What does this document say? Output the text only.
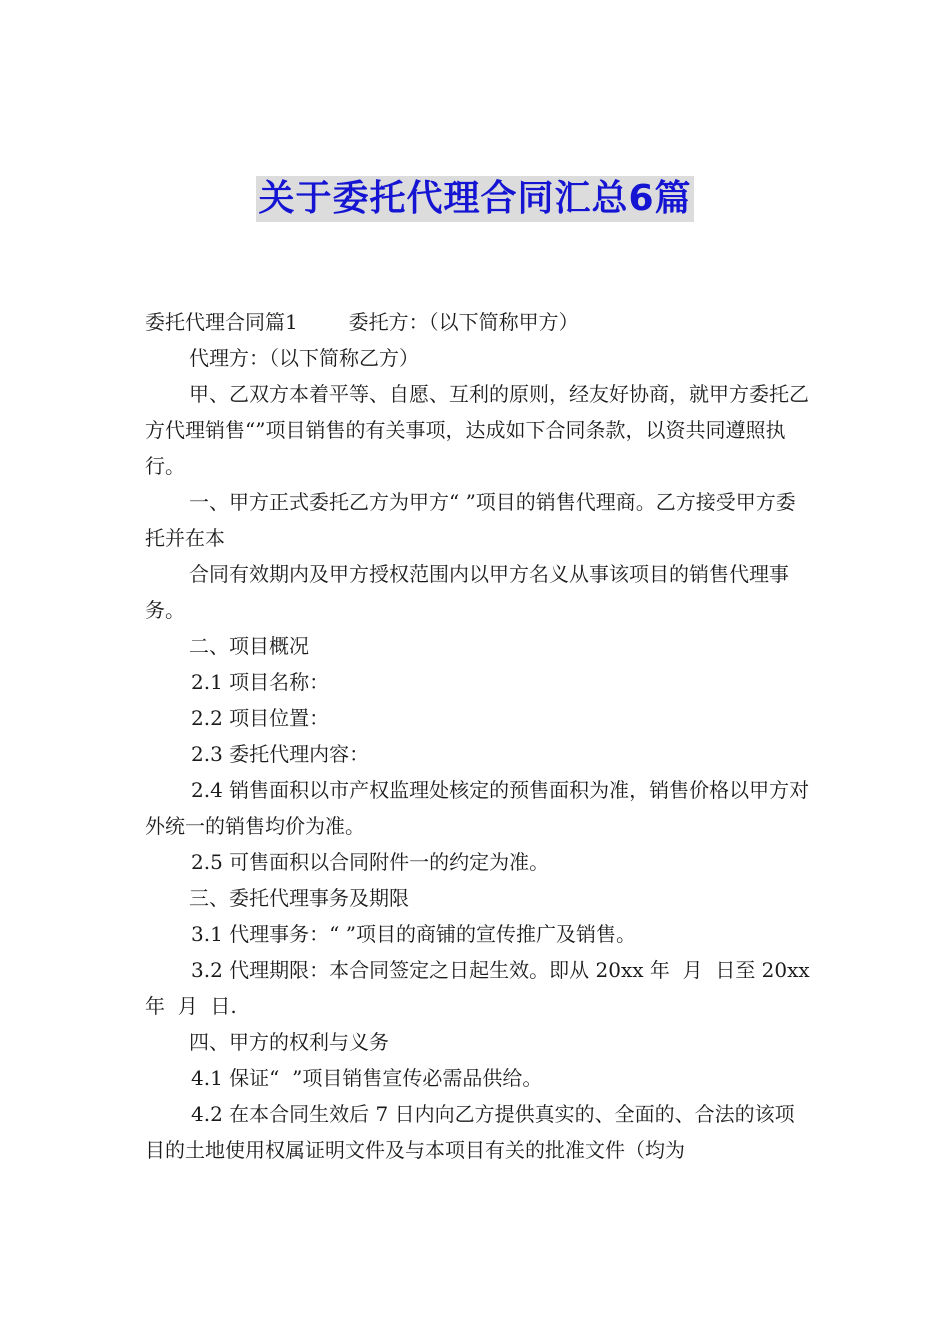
关于委托代理合同汇总6篇

委托代理合同篇1        委托方：（以下简称甲方）

代理方：（以下简称乙方）

甲、乙双方本着平等、自愿、互利的原则，经友好协商，就甲方委托乙方代理销售“”项目销售的有关事项，达成如下合同条款，以资共同遵照执行。

一、甲方正式委托乙方为甲方“ ”项目的销售代理商。乙方接受甲方委托并在本

合同有效期内及甲方授权范围内以甲方名义从事该项目的销售代理事务。

二、项目概况

2.1 项目名称：

2.2 项目位置：

2.3 委托代理内容：

2.4 销售面积以市产权监理处核定的预售面积为准，销售价格以甲方对外统一的销售均价为准。

2.5 可售面积以合同附件一的约定为准。

三、委托代理事务及期限

3.1 代理事务：“ ”项目的商铺的宣传推广及销售。

3.2 代理期限：本合同签定之日起生效。即从 20xx 年  月  日至 20xx 年  月  日.

四、甲方的权利与义务

4.1 保证“  ”项目销售宣传必需品供给。

4.2 在本合同生效后 7 日内向乙方提供真实的、全面的、合法的该项目的土地使用权属证明文件及与本项目有关的批准文件（均为
